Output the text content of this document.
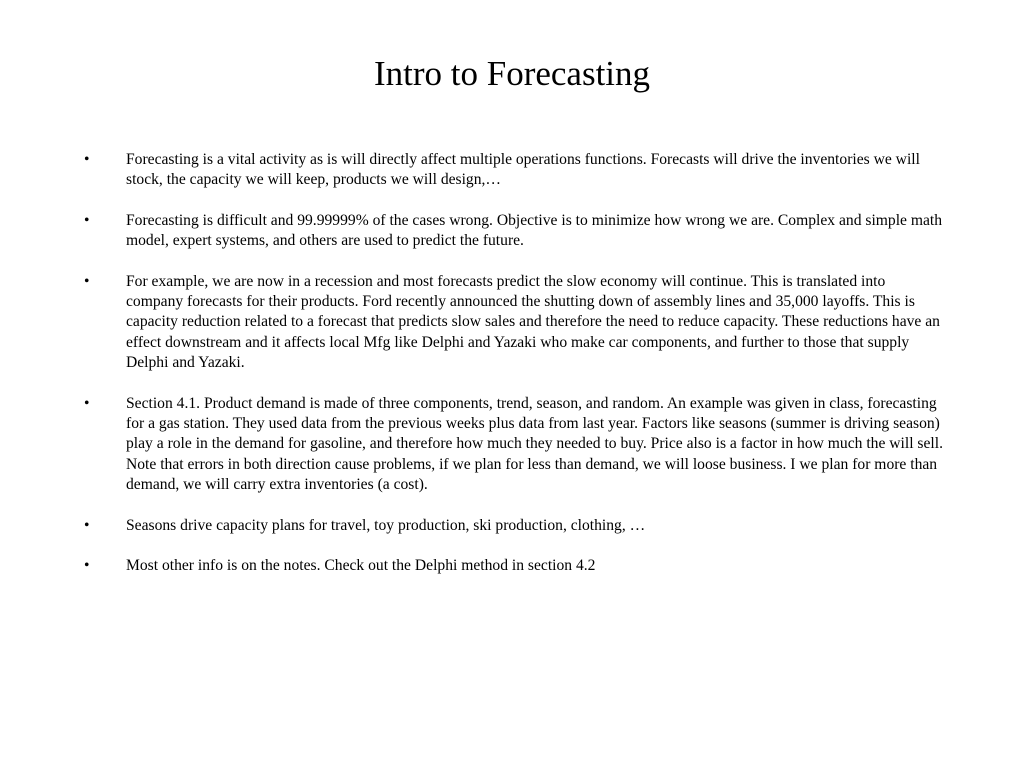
Intro to Forecasting
•	Forecasting is a vital activity as is will directly affect multiple operations functions. Forecasts will drive the inventories we will stock, the capacity we will keep, products we will design,…
•	Forecasting is difficult and 99.99999% of the cases wrong. Objective is to minimize how wrong we are. Complex and simple math model, expert systems, and others are used to predict the future.
•	For example, we are now in a recession and most forecasts predict the slow economy will continue. This is translated into company forecasts for their products. Ford recently announced the shutting down of assembly lines and 35,000 layoffs. This is capacity reduction related to a forecast that predicts slow sales and therefore the need to reduce capacity. These reductions have an effect downstream and it affects local Mfg like Delphi and Yazaki who make car components, and further to those that supply Delphi and Yazaki.
•	Section 4.1. Product demand is made of three components, trend, season, and random. An example was given in class, forecasting for a gas station. They used data from the previous weeks plus data from last year. Factors like seasons (summer is driving season) play a role in the demand for gasoline, and therefore how much they needed to buy. Price also is a factor in how much the will sell. Note that errors in both direction cause problems, if we plan for less than demand, we will loose business. I we plan for more than demand, we will carry extra inventories (a cost).
•	Seasons drive capacity plans for travel, toy production, ski production, clothing, …
•	Most other info is on the notes. Check out the Delphi method in section 4.2
